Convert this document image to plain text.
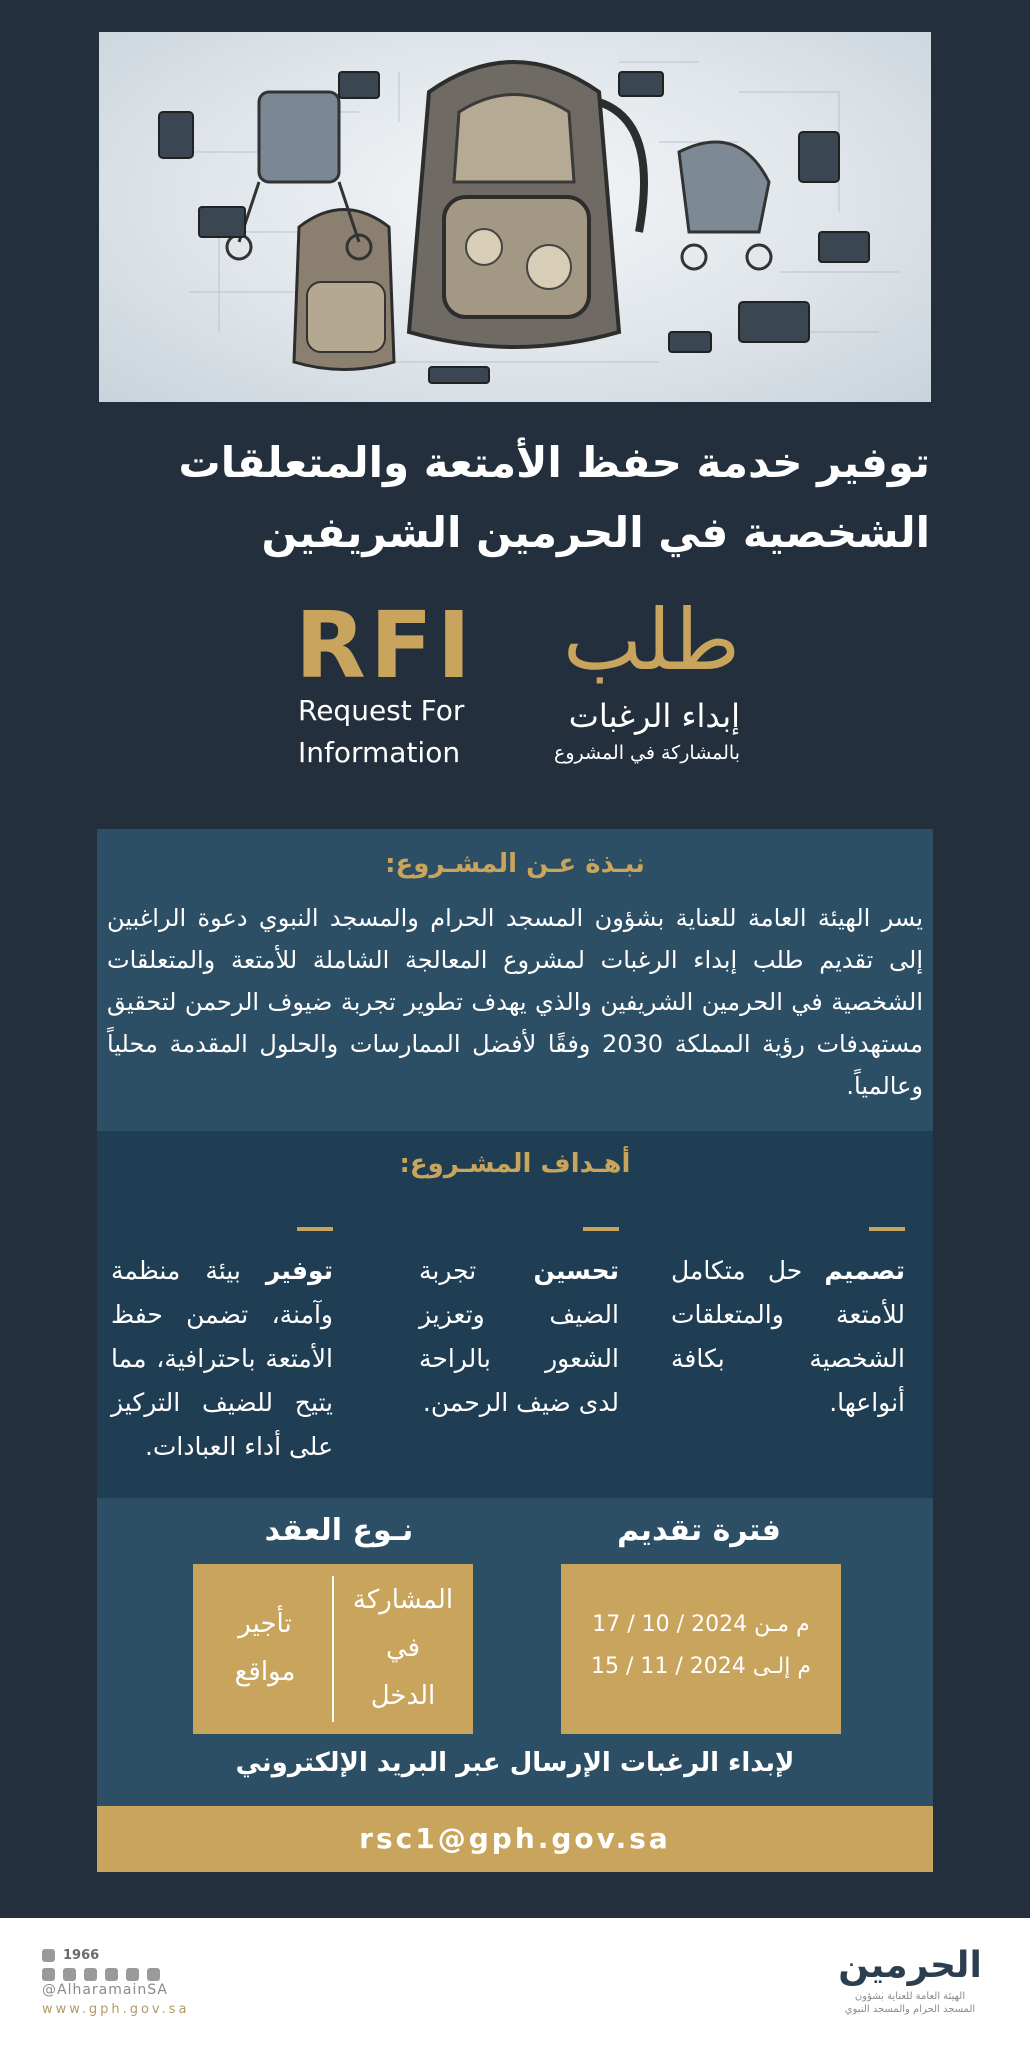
توفير خدمة حفظ الأمتعة والمتعلقات
الشخصية في الحرمين الشريفين
RFI
Request For
Information
طلب
إبداء الرغبات
بالمشاركة في المشروع
نبـذة عـن المشـروع:
يسر الهيئة العامة للعناية بشؤون المسجد الحرام والمسجد النبوي دعوة الراغبين إلى تقديم طلب إبداء الرغبات لمشروع المعالجة الشاملة للأمتعة والمتعلقات الشخصية في الحرمين الشريفين والذي يهدف تطوير تجربة ضيوف الرحمن لتحقيق مستهدفات رؤية المملكة 2030 وفقًا لأفضل الممارسات والحلول المقدمة محلياً وعالمياً.
أهـداف المشـروع:
تصميم حل متكامل للأمتعة والمتعلقات الشخصية بكافة أنواعها.
تحسين تجربة الضيف وتعزيز الشعور بالراحة لدى ضيف الرحمن.
توفير بيئة منظمة وآمنة، تضمن حفظ الأمتعة باحترافية، مما يتيح للضيف التركيز على أداء العبادات.
فترة تقديم
نـوع العقد
17 / 10 / 2024 م مـن
15 / 11 / 2024 م إلـى
المشاركة
في
الدخل
تأجير
مواقع
لإبداء الرغبات الإرسال عبر البريد الإلكتروني
rsc1@gph.gov.sa
1966
@AlharamainSA
www.gph.gov.sa
الحرمين
الهيئة العامة للعناية بشؤون
المسجد الحرام والمسجد النبوي
